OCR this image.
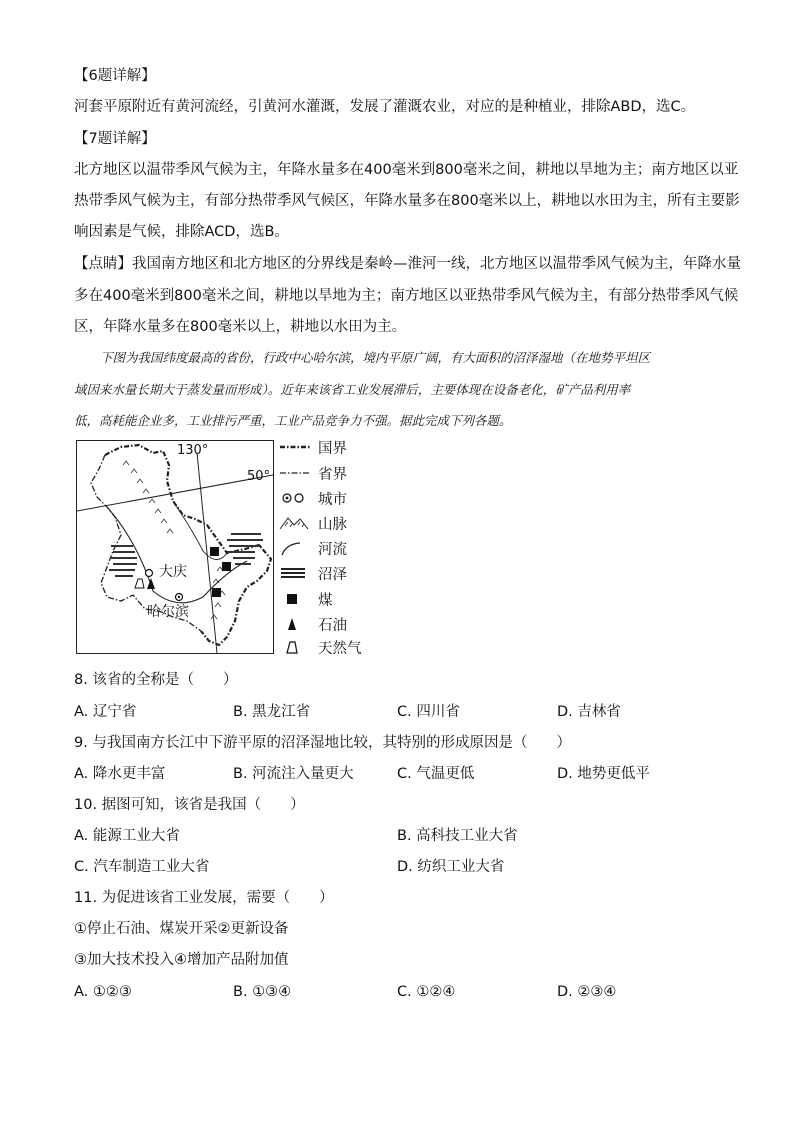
【6题详解】
河套平原附近有黄河流经，引黄河水灌溉，发展了灌溉农业，对应的是种植业，排除ABD，选C。
【7题详解】
北方地区以温带季风气候为主，年降水量多在400毫米到800毫米之间，耕地以旱地为主；南方地区以亚
热带季风气候为主，有部分热带季风气候区，年降水量多在800毫米以上，耕地以水田为主，所有主要影
响因素是气候，排除ACD，选B。
【点睛】我国南方地区和北方地区的分界线是秦岭—淮河一线，北方地区以温带季风气候为主，年降水量
多在400毫米到800毫米之间，耕地以旱地为主；南方地区以亚热带季风气候为主，有部分热带季风气候
区，年降水量多在800毫米以上，耕地以水田为主。
下图为我国纬度最高的省份，行政中心哈尔滨，境内平原广阔，有大面积的沼泽湿地（在地势平坦区
域因来水量长期大于蒸发量而形成）。近年来该省工业发展滞后，主要体现在设备老化，矿产品利用率
低，高耗能企业多，工业排污严重，工业产品竞争力不强。据此完成下列各题。
130°
50°
大庆
哈尔滨
国界
省界
城市
山脉
河流
沼泽
煤
石油
天然气
8. 该省的全称是（　　）
A. 辽宁省	B. 黑龙江省	C. 四川省	D. 吉林省
9. 与我国南方长江中下游平原的沼泽湿地比较，其特别的形成原因是（　　）
A. 降水更丰富	B. 河流注入量更大	C. 气温更低	D. 地势更低平
10. 据图可知，该省是我国（　　）
A. 能源工业大省	B. 高科技工业大省
C. 汽车制造工业大省	D. 纺织工业大省
11. 为促进该省工业发展，需要（　　）
①停止石油、煤炭开采②更新设备
③加大技术投入④增加产品附加值
A. ①②③	B. ①③④	C. ①②④	D. ②③④
